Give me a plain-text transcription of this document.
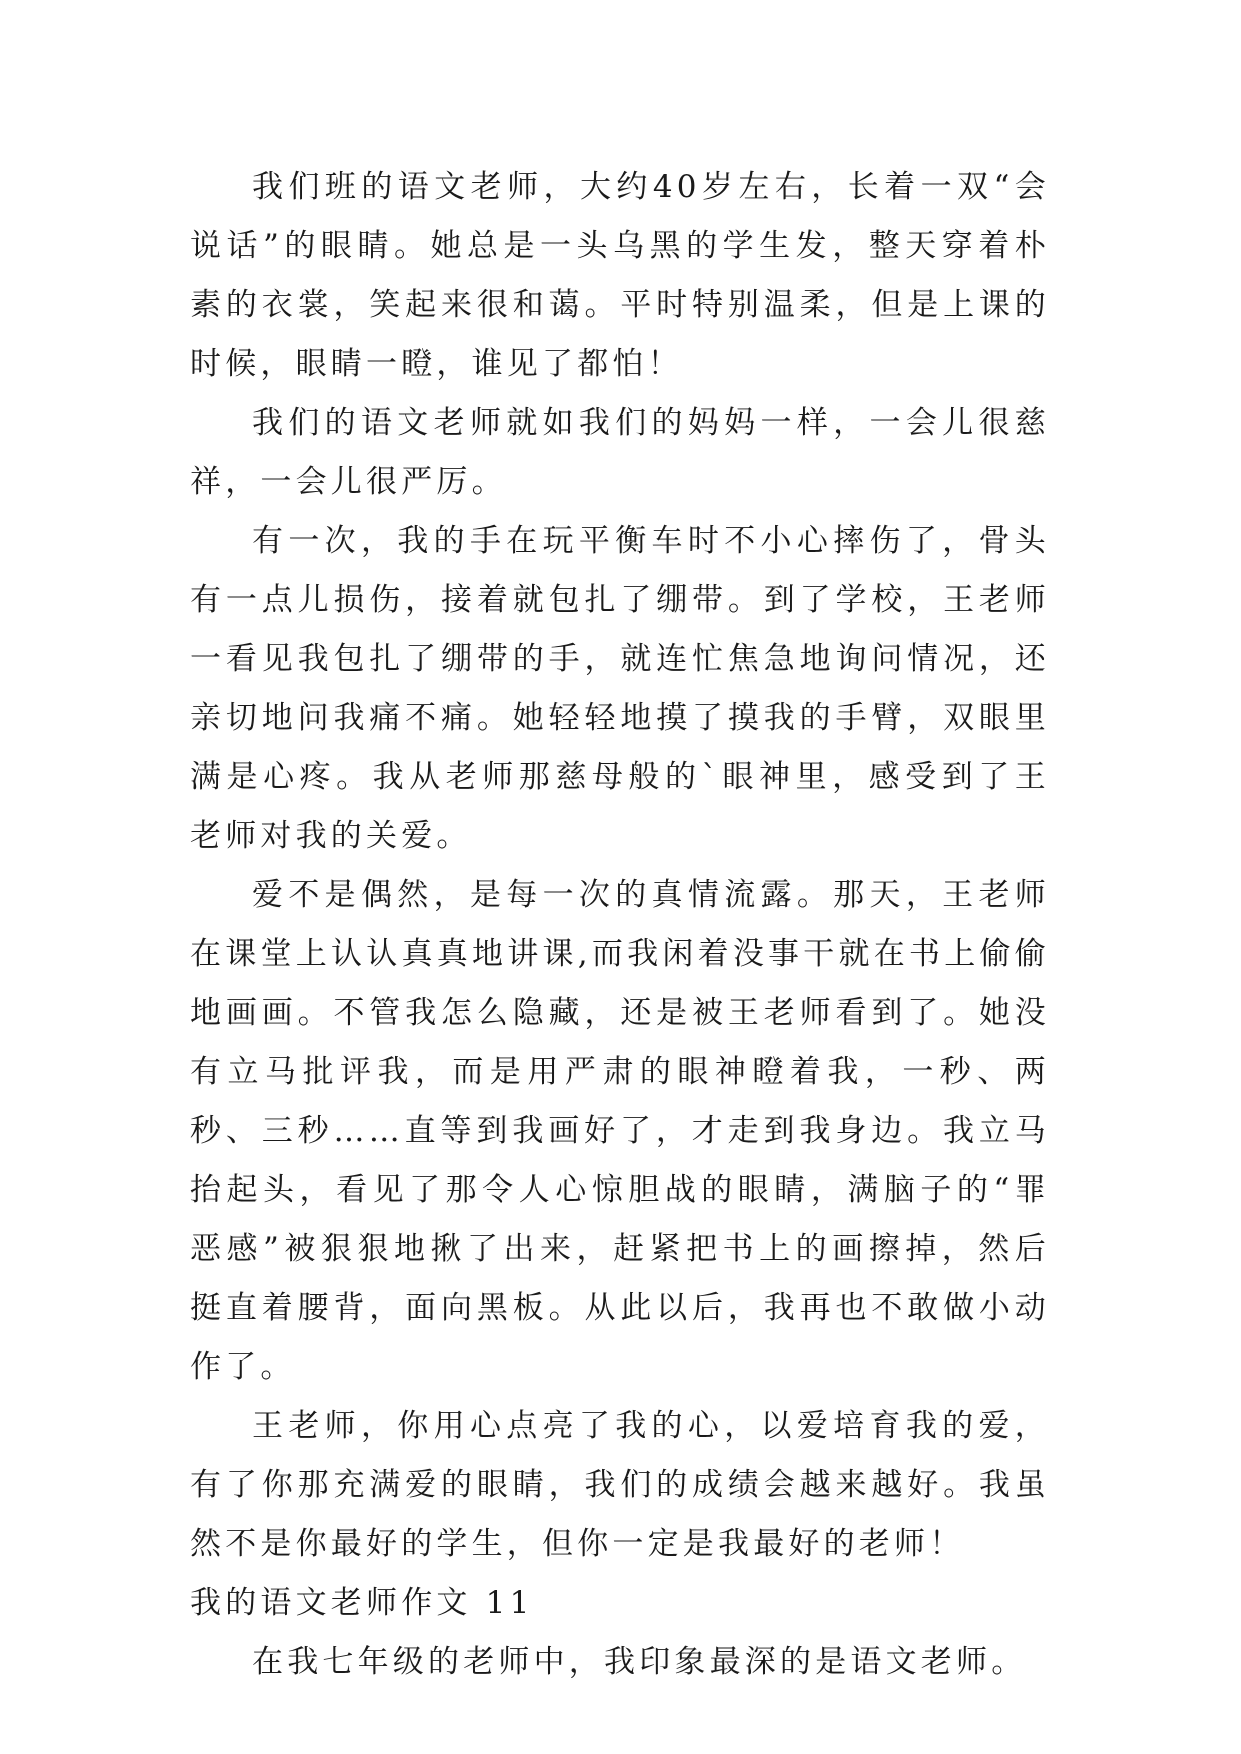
我们班的语文老师，大约40岁左右，长着一双“会说话”的眼睛。她总是一头乌黑的学生发，整天穿着朴素的衣裳，笑起来很和蔼。平时特别温柔，但是上课的时候，眼睛一瞪，谁见了都怕！

我们的语文老师就如我们的妈妈一样，一会儿很慈祥，一会儿很严厉。

有一次，我的手在玩平衡车时不小心摔伤了，骨头有一点儿损伤，接着就包扎了绷带。到了学校，王老师一看见我包扎了绷带的手，就连忙焦急地询问情况，还亲切地问我痛不痛。她轻轻地摸了摸我的手臂，双眼里满是心疼。我从老师那慈母般的`眼神里，感受到了王老师对我的关爱。

爱不是偶然，是每一次的真情流露。那天，王老师在课堂上认认真真地讲课,而我闲着没事干就在书上偷偷地画画。不管我怎么隐藏，还是被王老师看到了。她没有立马批评我，而是用严肃的眼神瞪着我，一秒、两秒、三秒……直等到我画好了，才走到我身边。我立马抬起头，看见了那令人心惊胆战的眼睛，满脑子的“罪恶感”被狠狠地揪了出来，赶紧把书上的画擦掉，然后挺直着腰背，面向黑板。从此以后，我再也不敢做小动作了。

王老师，你用心点亮了我的心，以爱培育我的爱，有了你那充满爱的眼睛，我们的成绩会越来越好。我虽然不是你最好的学生，但你一定是我最好的老师！

我的语文老师作文 11

在我七年级的老师中，我印象最深的是语文老师。
